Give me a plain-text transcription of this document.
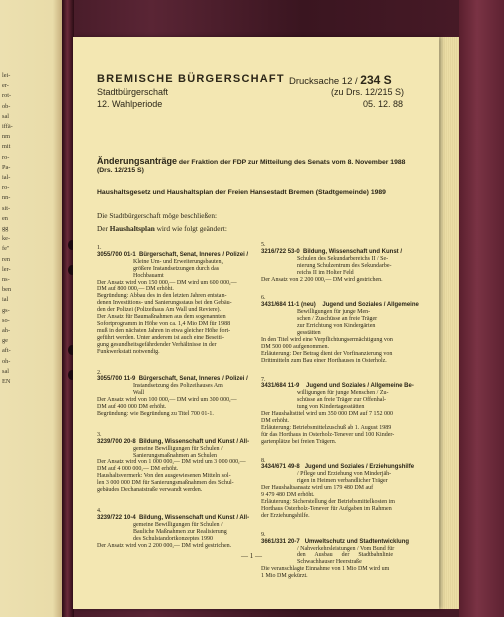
lei-
er-
rot-
ob-
sal
iffä-
nm
mit
ro-
Pa-
ial-
ro-
nn-
sit-
en
gg
ke-
fe"
ren
ler-
ns-
ben
ial
gs-
so-
ah-
ge
aft-
oh-
sal
EN
BREMISCHE BÜRGERSCHAFT
Stadtbürgerschaft
12. Wahlperiode
Drucksache 12 / 234 S
(zu Drs. 12/215 S)
05. 12. 88
Änderungsanträge der Fraktion der FDP zur Mitteilung des Senats vom 8. November 1988
(Drs. 12/215 S)
Haushaltsgesetz und Haushaltsplan der Freien Hansestadt Bremen (Stadtgemeinde) 1989
Die Stadtbürgerschaft möge beschließen:
Der Haushaltsplan wird wie folgt geändert:
1.
3055/700 01-1  Bürgerschaft, Senat, Inneres / Polizei /
Kleine Um- und Erweiterungsbauten,
größere Instandsetzungen durch das
Hochbauamt
Der Ansatz wird von 150 000,— DM wird um 600 000,—
DM auf 800 000,— DM erhöht.
Begründung: Abbau des in den letzten Jahren entstan-
denen Investitions- und Sanierungsstaus bei den Gebäu-
den der Polizei (Polizeihaus Am Wall und Reviere).
Der Ansatz für Baumaßnahmen aus dem sogenannten
Sofortprogramm in Höhe von ca. 1,4 Mio DM für 1988
muß in den nächsten Jahren in etwa gleicher Höhe fort-
geführt werden. Unter anderem ist auch eine Beseiti-
gung gesundheitsgefährdender Verhältnisse in der
Funkwerkstatt notwendig.
2.
3055/700 11-9  Bürgerschaft, Senat, Inneres / Polizei /
Instandsetzung des Polizeihauses Am
Wall
Der Ansatz wird von 100 000,— DM wird um 300 000,—
DM auf 400 000 DM erhöht.
Begründung: wie Begründung zu Titel 700 01-1.
3.
3239/700 20-8  Bildung, Wissenschaft und Kunst / All-
gemeine Bewilligungen für Schulen /
Sanierungsmaßnahmen an Schulen
Der Ansatz wird von 1 000 000,— DM wird um 3 000 000,—
DM auf 4 000 000,— DM erhöht.
Haushaltsvermerk: Von den ausgewiesenen Mitteln sol-
len 3 000 000 DM für Sanierungsmaßnahmen des Schul-
gebäudes Dechanatstraße verwandt werden.
4.
3239/722 10-4  Bildung, Wissenschaft und Kunst / All-
gemeine Bewilligungen für Schulen /
Bauliche Maßnahmen zur Realisierung
des Schulstandortkonzeptes 1990
Der Ansatz wird von 2 200 000,— DM wird gestrichen.
5.
3216/722 53-0  Bildung, Wissenschaft und Kunst /
Schulen des Sekundarbereichs II / Se-
nierung Schulzentrum des Sekundarbe-
reichs II im Holter Feld
Der Ansatz von 2 200 000,— DM wird gestrichen.
6.
3431/684 11-1 (neu)    Jugend und Soziales / Allgemeine
Bewilligungen für junge Men-
schen / Zuschüsse an freie Träger
zur Errichtung von Kindergärten
gesstätten
In den Titel wird eine Verpflichtungsermächtigung von
DM 500 000 aufgenommen.
Erläuterung: Der Betrag dient der Vorfinanzierung von
Drittmitteln zum Bau einer Horthauses in Osterholz.
7.
3431/684 11-9    Jugend und Soziales / Allgemeine Be-
willigungen für junge Menschen / Zu-
schüsse an freie Träger zur Offenhal-
tung von Kindertagesstätten
Der Haushaltstitel wird um 350 000 DM auf 7 152 000
DM erhöht.
Erläuterung: Betriebsmittelzuschuß ab 1. August 1989
für das Horthaus in Osterholz-Tenever und 100 Kinder-
gartenplätze bei freien Trägern.
8.
3434/671 49-8   Jugend und Soziales / Erziehungshilfe
/ Pflege und Erziehung von Minderjäh-
rigen in Heimen verbandlicher Träger
Der Haushaltsansatz wird um 179 480 DM auf
9 479 480 DM erhöht.
Erläuterung: Sicherstellung der Betriebsmittelkosten im
Horthaus Osterholz-Tenever für Aufgaben im Rahmen
der Erziehungshilfe.
9.
3661/331 20-7   Umweltschutz und Stadtentwicklung
/ Nahverkehrsleistungen / Vom Bund für
den      Ausbau      der      Stadtbahnlinie
Schwachhauser Heerstraße
Die veranschlagte Einnahme von 1 Mio DM wird um
1 Mio DM gekürzt.
— 1 —
